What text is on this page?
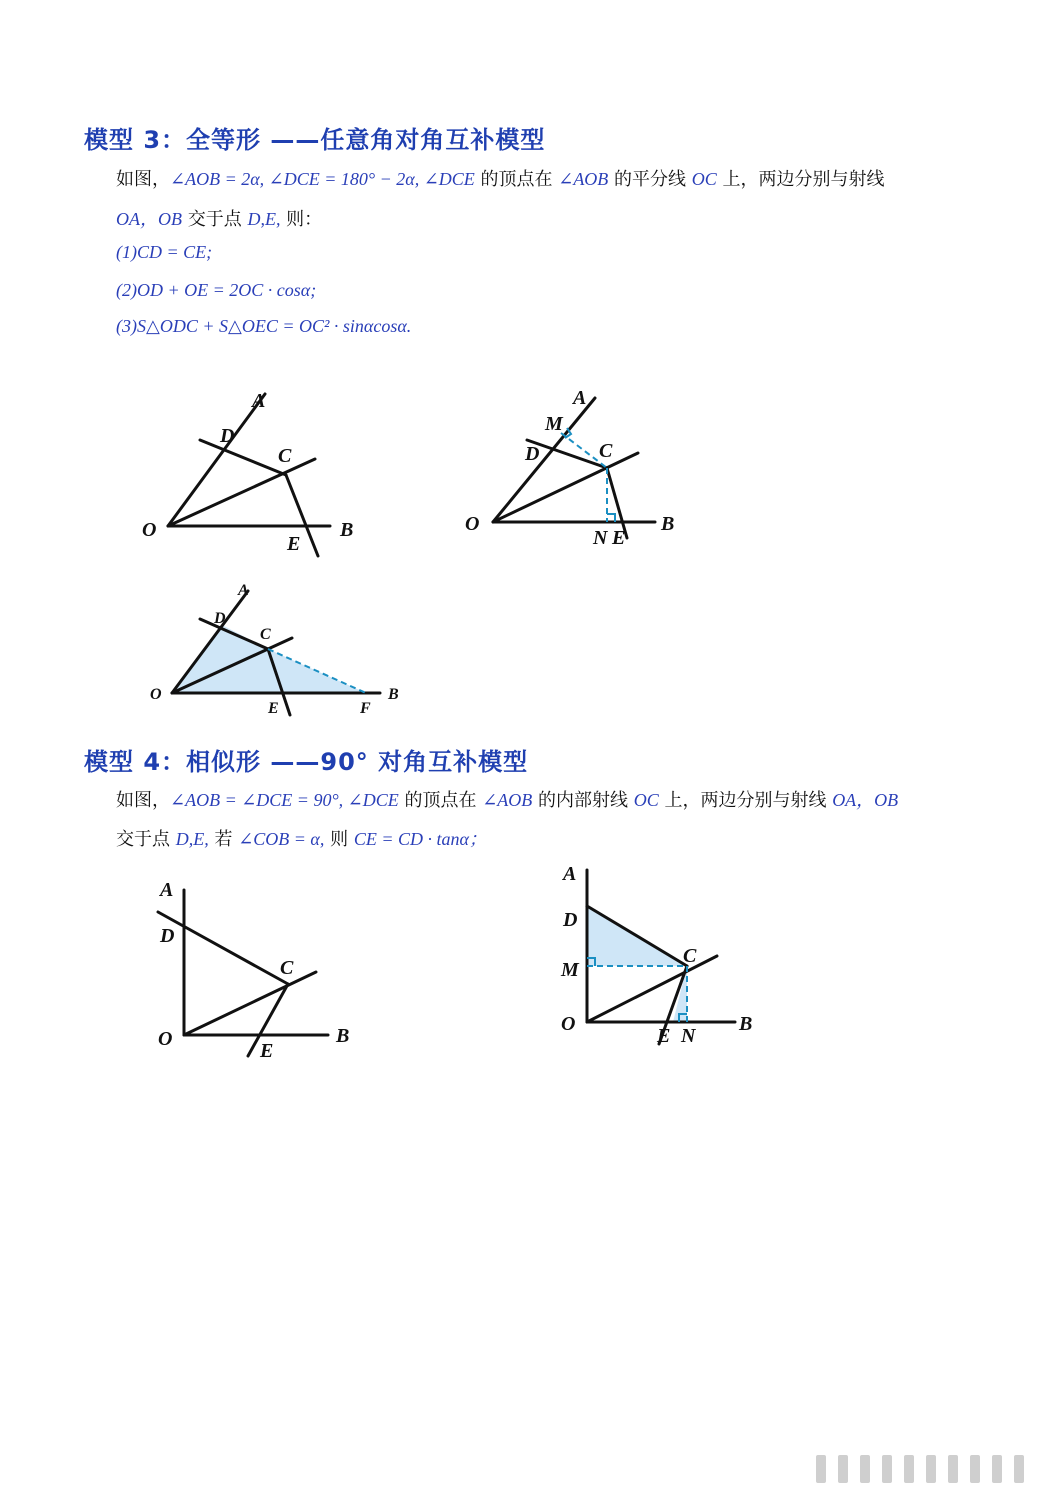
模型 3：全等形 ——任意角对角互补模型
如图，∠AOB = 2α, ∠DCE = 180° − 2α, ∠DCE 的顶点在 ∠AOB 的平分线 OC 上，两边分别与射线
OA，OB 交于点 D,E, 则：
(1)CD = CE;
(2)OD + OE = 2OC · cosα;
(3)S△ODC + S△OEC = OC² · sinαcosα.
A
D
C
O	B
E
A
M
D	C
O	B
N E
A
D
C
O	B
E	F
模型 4：相似形 ——90° 对角互补模型
如图，∠AOB = ∠DCE = 90°, ∠DCE 的顶点在 ∠AOB 的内部射线 OC 上，两边分别与射线 OA，OB
交于点 D,E, 若 ∠COB = α, 则 CE = CD · tanα；
A
D
C
O	B
E
A
D
M
C
O	B
E N
